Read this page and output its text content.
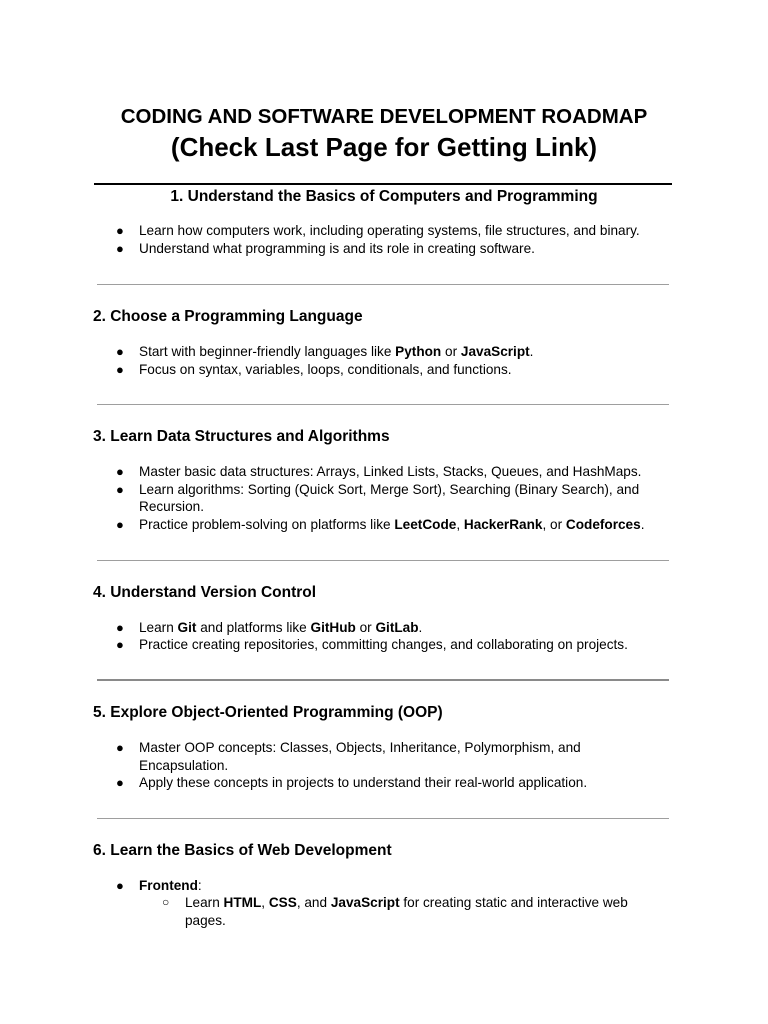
CODING AND SOFTWARE DEVELOPMENT ROADMAP
(Check Last Page for Getting Link)
1. Understand the Basics of Computers and Programming
● Learn how computers work, including operating systems, file structures, and binary.
● Understand what programming is and its role in creating software.
2. Choose a Programming Language
● Start with beginner-friendly languages like Python or JavaScript.
● Focus on syntax, variables, loops, conditionals, and functions.
3. Learn Data Structures and Algorithms
● Master basic data structures: Arrays, Linked Lists, Stacks, Queues, and HashMaps.
● Learn algorithms: Sorting (Quick Sort, Merge Sort), Searching (Binary Search), and
Recursion.
● Practice problem-solving on platforms like LeetCode, HackerRank, or Codeforces.
4. Understand Version Control
● Learn Git and platforms like GitHub or GitLab.
● Practice creating repositories, committing changes, and collaborating on projects.
5. Explore Object-Oriented Programming (OOP)
● Master OOP concepts: Classes, Objects, Inheritance, Polymorphism, and
Encapsulation.
● Apply these concepts in projects to understand their real-world application.
6. Learn the Basics of Web Development
● Frontend:
○ Learn HTML, CSS, and JavaScript for creating static and interactive web
pages.
